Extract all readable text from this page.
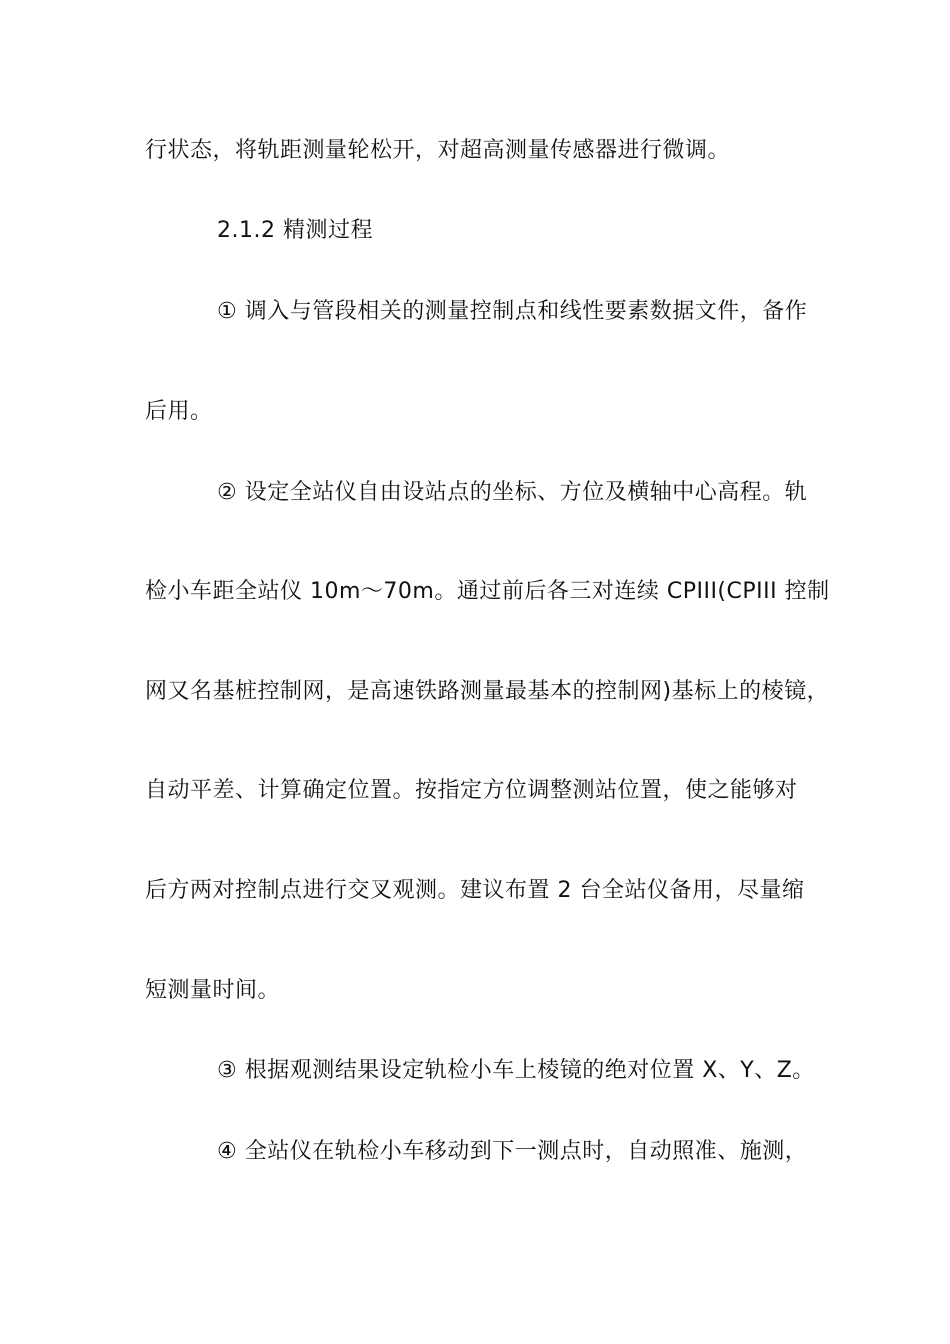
行状态，将轨距测量轮松开，对超高测量传感器进行微调。
2.1.2 精测过程
① 调入与管段相关的测量控制点和线性要素数据文件，备作
后用。
② 设定全站仪自由设站点的坐标、方位及横轴中心高程。轨
检小车距全站仪 10m～70m。通过前后各三对连续 CPIII(CPIII 控制
网又名基桩控制网，是高速铁路测量最基本的控制网)基标上的棱镜，
自动平差、计算确定位置。按指定方位调整测站位置，使之能够对
后方两对控制点进行交叉观测。建议布置 2 台全站仪备用，尽量缩
短测量时间。
③ 根据观测结果设定轨检小车上棱镜的绝对位置 X、Y、Z。
④ 全站仪在轨检小车移动到下一测点时，自动照准、施测，
